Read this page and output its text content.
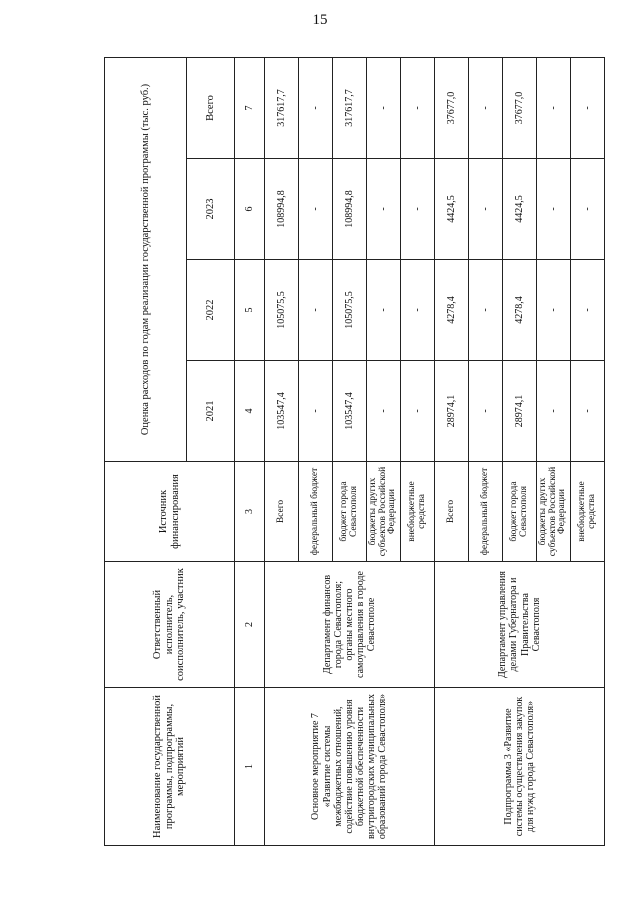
15
Наименование государственной программы, подпрограммы, мероприятий	Ответственный исполнитель, соисполнитель, участник	Источник финансирования	Оценка расходов по годам реализации государственной программы (тыс. руб.)			
			2021	2022	2023	Всего
1	2	3	4	5	6	7
Основное мероприятие 7 «Развитие системы межбюджетных отношений, содействие повышению уровня бюджетной обеспеченности внутригородских муниципальных образований города Севастополя»	Департамент финансов города Севастополя; органы местного самоуправления в городе Севастополе	Всего	103547,4	105075,5	108994,8	317617,7
		федеральный бюджет	-	-	-	-
		бюджет города Севастополя	103547,4	105075,5	108994,8	317617,7
		бюджеты других субъектов Российской Федерации	-	-	-	-
		внебюджетные средства	-	-	-	-
Подпрограмма 3 «Развитие системы осуществления закупок для нужд города Севастополя»	Департамент управления делами Губернатора и Правительства Севастополя	Всего	28974,1	4278,4	4424,5	37677,0
		федеральный бюджет	-	-	-	-
		бюджет города Севастополя	28974,1	4278,4	4424,5	37677,0
		бюджеты других субъектов Российской Федерации	-	-	-	-
		внебюджетные средства	-	-	-	-
